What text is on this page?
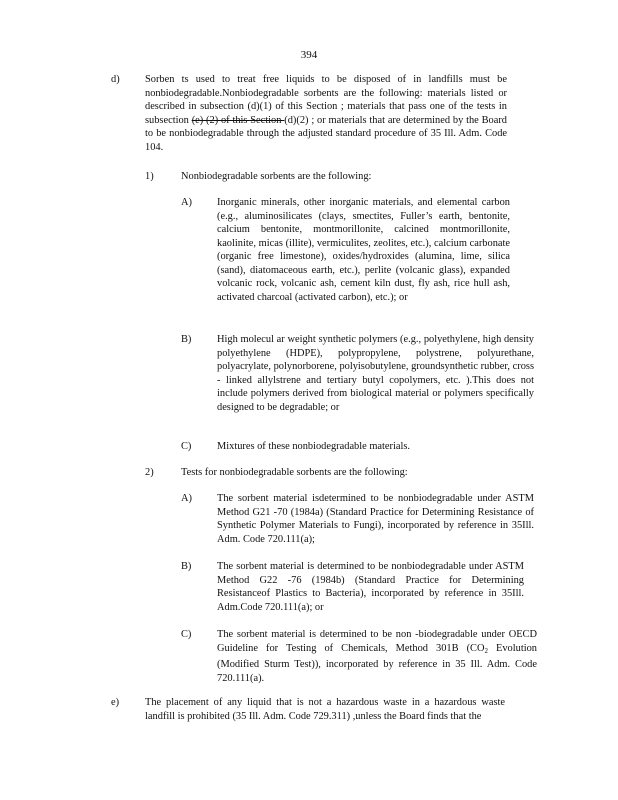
394
d) Sorben ts used to treat free liquids to be disposed of in landfills must be nonbiodegradable.Nonbiodegradable sorbents are the following: materials listed or described in subsection (d)(1) of this Section ; materials that pass one of the tests in subsection (e) (2) of this Section (d)(2) ; or materials that are determined by the Board to be nonbiodegradable through the adjusted standard procedure of 35 Ill. Adm. Code 104.
1)	Nonbiodegradable sorbents are the following:
A) Inorganic minerals, other inorganic materials, and elemental carbon (e.g., aluminosilicates (clays, smectites, Fuller’s earth, bentonite, calcium bentonite, montmorillonite, calcined montmorillonite, kaolinite, micas (illite), vermiculites, zeolites, etc.), calcium carbonate (organic free limestone), oxides/hydroxides (alumina, lime, silica (sand), diatomaceous earth, etc.), perlite (volcanic glass), expanded volcanic rock, volcanic ash, cement kiln dust, fly ash, rice hull ash, activated charcoal (activated carbon), etc.); or
B) High molecul ar weight synthetic polymers (e.g., polyethylene, high density polyethylene (HDPE), polypropylene, polystrene, polyurethane, polyacrylate, polynorborene, polyisobutylene, groundsynthetic rubber, cross - linked allylstrene and tertiary butyl copolymers, etc. ).This does not include polymers derived from biological material or polymers specifically designed to be degradable; or
C) Mixtures of these nonbiodegradable materials.
2)	Tests for nonbiodegradable sorbents are the following:
A) The sorbent material isdetermined to be nonbiodegradable under ASTM Method G21 -70 (1984a) (Standard Practice for Determining Resistance of Synthetic Polymer Materials to Fungi), incorporated by reference in 35Ill. Adm. Code 720.111(a);
B) The sorbent material is determined to be nonbiodegradable under ASTM Method G22 -76 (1984b) (Standard Practice for Determining Resistanceof Plastics to Bacteria), incorporated by reference in 35Ill. Adm.Code 720.111(a); or
C) The sorbent material is determined to be non -biodegradable under OECD Guideline for Testing of Chemicals, Method 301B ($CO_2$ Evolution (Modified Sturm Test)), incorporated by reference in 35 Ill. Adm. Code 720.111(a).
e) The placement of any liquid that is not a hazardous waste in a hazardous waste landfill is prohibited (35 Ill. Adm. Code 729.311) ,unless the Board finds that the
